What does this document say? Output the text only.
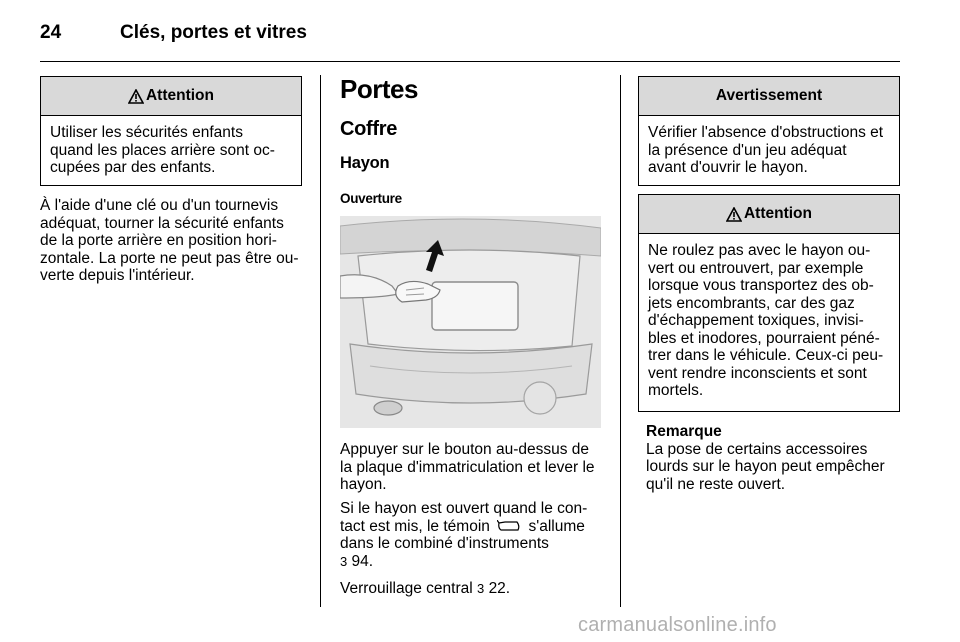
24	Clés, portes et vitres
Attention
Utiliser les sécurités enfants
quand les places arrière sont oc-
cupées par des enfants.
À l'aide d'une clé ou d'un tournevis
adéquat, tourner la sécurité enfants
de la porte arrière en position hori-
zontale. La porte ne peut pas être ou-
verte depuis l'intérieur.
Portes
Coffre
Hayon
Ouverture
Appuyer sur le bouton au-dessus de
la plaque d'immatriculation et lever le
hayon.
Si le hayon est ouvert quand le con-
tact est mis, le témoin s'allume
dans le combiné d'instruments
3 94.
Verrouillage central 3 22.
Avertissement
Vérifier l'absence d'obstructions et
la présence d'un jeu adéquat
avant d'ouvrir le hayon.
Attention
Ne roulez pas avec le hayon ou-
vert ou entrouvert, par exemple
lorsque vous transportez des ob-
jets encombrants, car des gaz
d'échappement toxiques, invisi-
bles et inodores, pourraient péné-
trer dans le véhicule. Ceux-ci peu-
vent rendre inconscients et sont
mortels.
Remarque
La pose de certains accessoires
lourds sur le hayon peut empêcher
qu'il ne reste ouvert.
carmanualsonline.info
